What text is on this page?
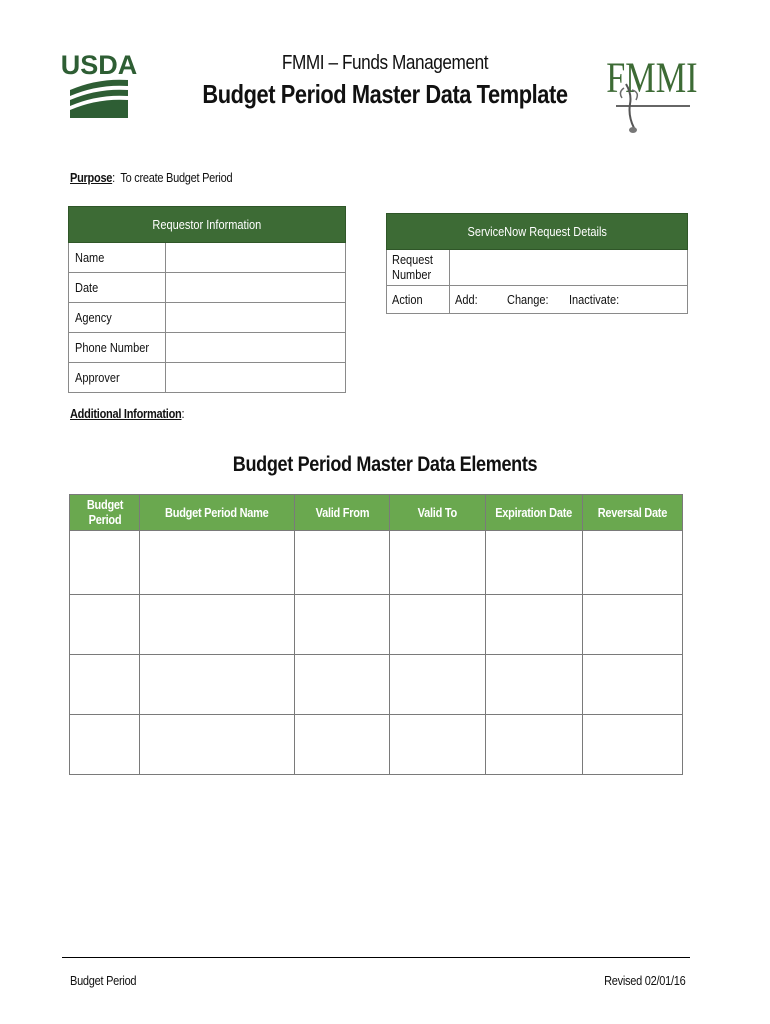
USDA	FMMI
FMMI – Funds Management
Budget Period Master Data Template
Purpose: To create Budget Period
Requestor Information	
Name	
Date	
Agency	
Phone Number	
Approver	
ServiceNow Request Details			
Request Number			
Action	Add:	Change:	Inactivate:
Additional Information:
Budget Period Master Data Elements
Budget Period	Budget Period Name	Valid From	Valid To	Expiration Date	Reversal Date

Budget Period	Revised 02/01/16
